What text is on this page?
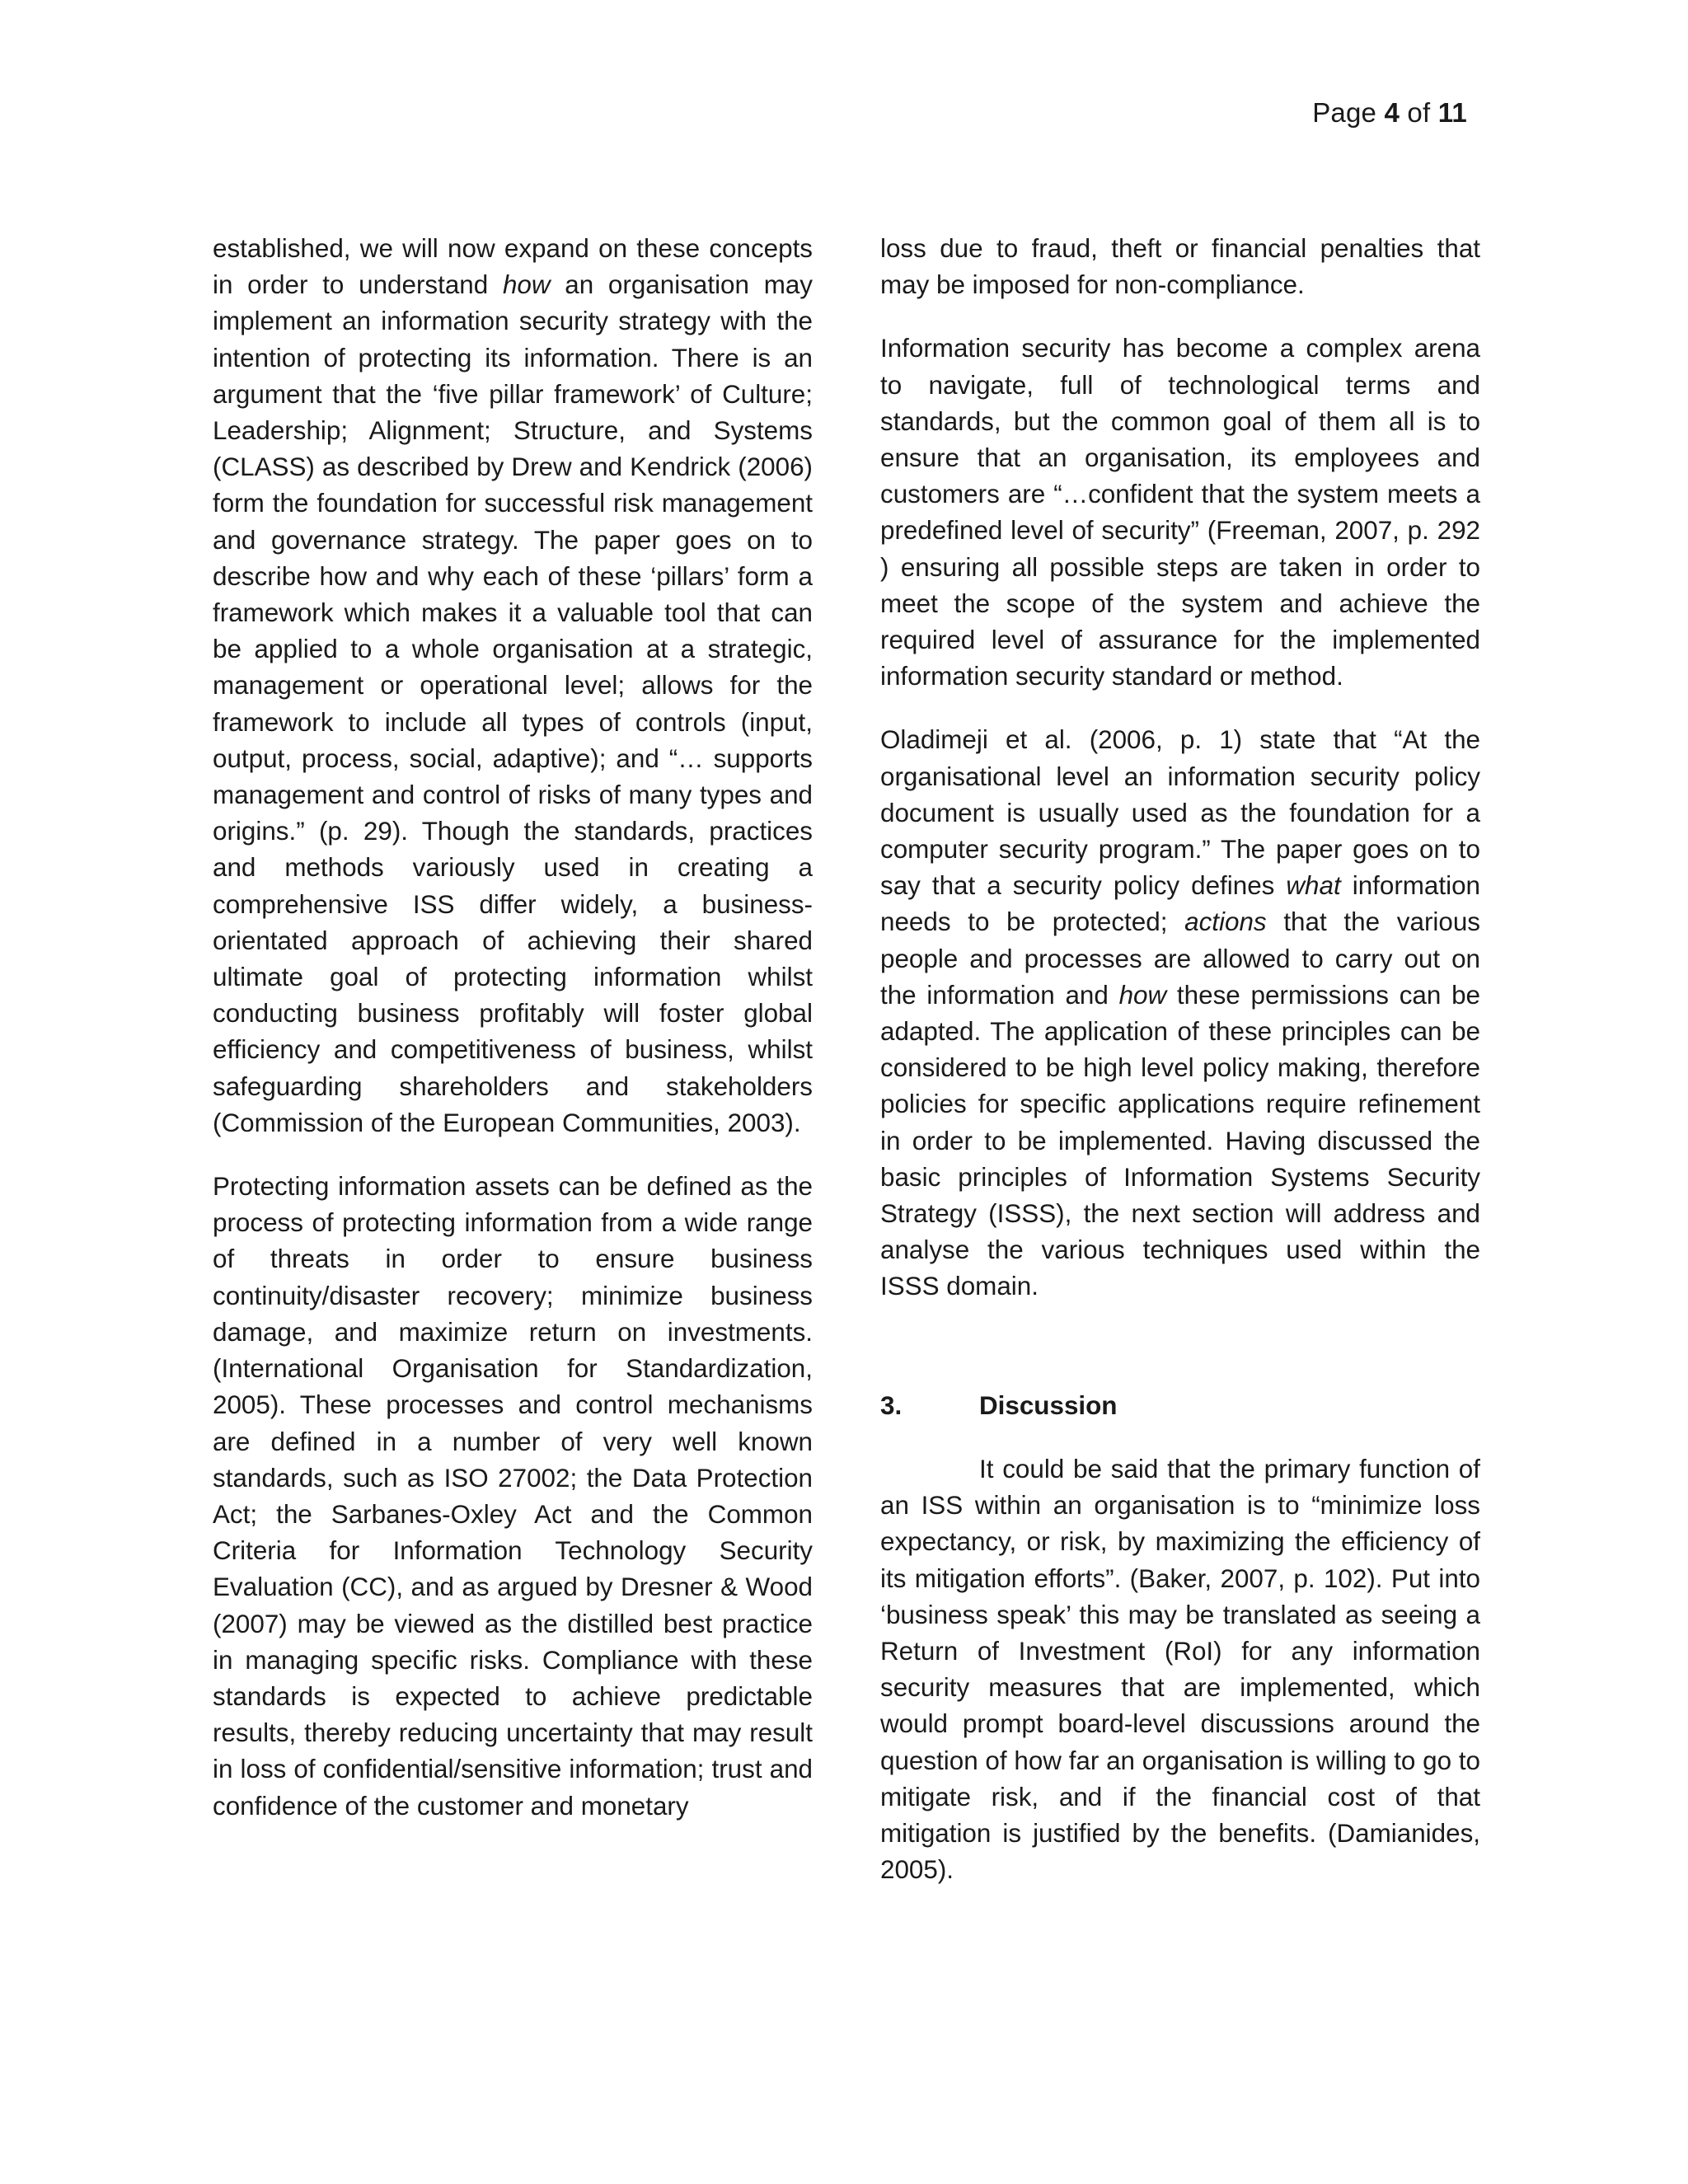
Page 4 of 11

established, we will now expand on these concepts in order to understand how an organisation may implement an information security strategy with the intention of protecting its information. There is an argument that the ‘five pillar framework’ of Culture; Leadership; Alignment; Structure, and Systems (CLASS) as described by Drew and Kendrick (2006) form the foundation for successful risk management and governance strategy. The paper goes on to describe how and why each of these ‘pillars’ form a framework which makes it a valuable tool that can be applied to a whole organisation at a strategic, management or operational level; allows for the framework to include all types of controls (input, output, process, social, adaptive); and “… supports management and control of risks of many types and origins.” (p. 29). Though the standards, practices and methods variously used in creating a comprehensive ISS differ widely, a business-orientated approach of achieving their shared ultimate goal of protecting information whilst conducting business profitably will foster global efficiency and competitiveness of business, whilst safeguarding shareholders and stakeholders (Commission of the European Communities, 2003).

Protecting information assets can be defined as the process of protecting information from a wide range of threats in order to ensure business continuity/disaster recovery; minimize business damage, and maximize return on investments. (International Organisation for Standardization, 2005). These processes and control mechanisms are defined in a number of very well known standards, such as ISO 27002; the Data Protection Act; the Sarbanes-Oxley Act and the Common Criteria for Information Technology Security Evaluation (CC), and as argued by Dresner & Wood (2007) may be viewed as the distilled best practice in managing specific risks. Compliance with these standards is expected to achieve predictable results, thereby reducing uncertainty that may result in loss of confidential/sensitive information; trust and confidence of the customer and monetary

loss due to fraud, theft or financial penalties that may be imposed for non-compliance.

Information security has become a complex arena to navigate, full of technological terms and standards, but the common goal of them all is to ensure that an organisation, its employees and customers are “…confident that the system meets a predefined level of security” (Freeman, 2007, p. 292 ) ensuring all possible steps are taken in order to meet the scope of the system and achieve the required level of assurance for the implemented information security standard or method.

Oladimeji et al. (2006, p. 1) state that “At the organisational level an information security policy document is usually used as the foundation for a computer security program.” The paper goes on to say that a security policy defines what information needs to be protected; actions that the various people and processes are allowed to carry out on the information and how these permissions can be adapted. The application of these principles can be considered to be high level policy making, therefore policies for specific applications require refinement in order to be implemented. Having discussed the basic principles of Information Systems Security Strategy (ISSS), the next section will address and analyse the various techniques used within the ISSS domain.

3.	Discussion

It could be said that the primary function of an ISS within an organisation is to “minimize loss expectancy, or risk, by maximizing the efficiency of its mitigation efforts”. (Baker, 2007, p. 102). Put into ‘business speak’ this may be translated as seeing a Return of Investment (RoI) for any information security measures that are implemented, which would prompt board-level discussions around the question of how far an organisation is willing to go to mitigate risk, and if the financial cost of that mitigation is justified by the benefits. (Damianides, 2005).
